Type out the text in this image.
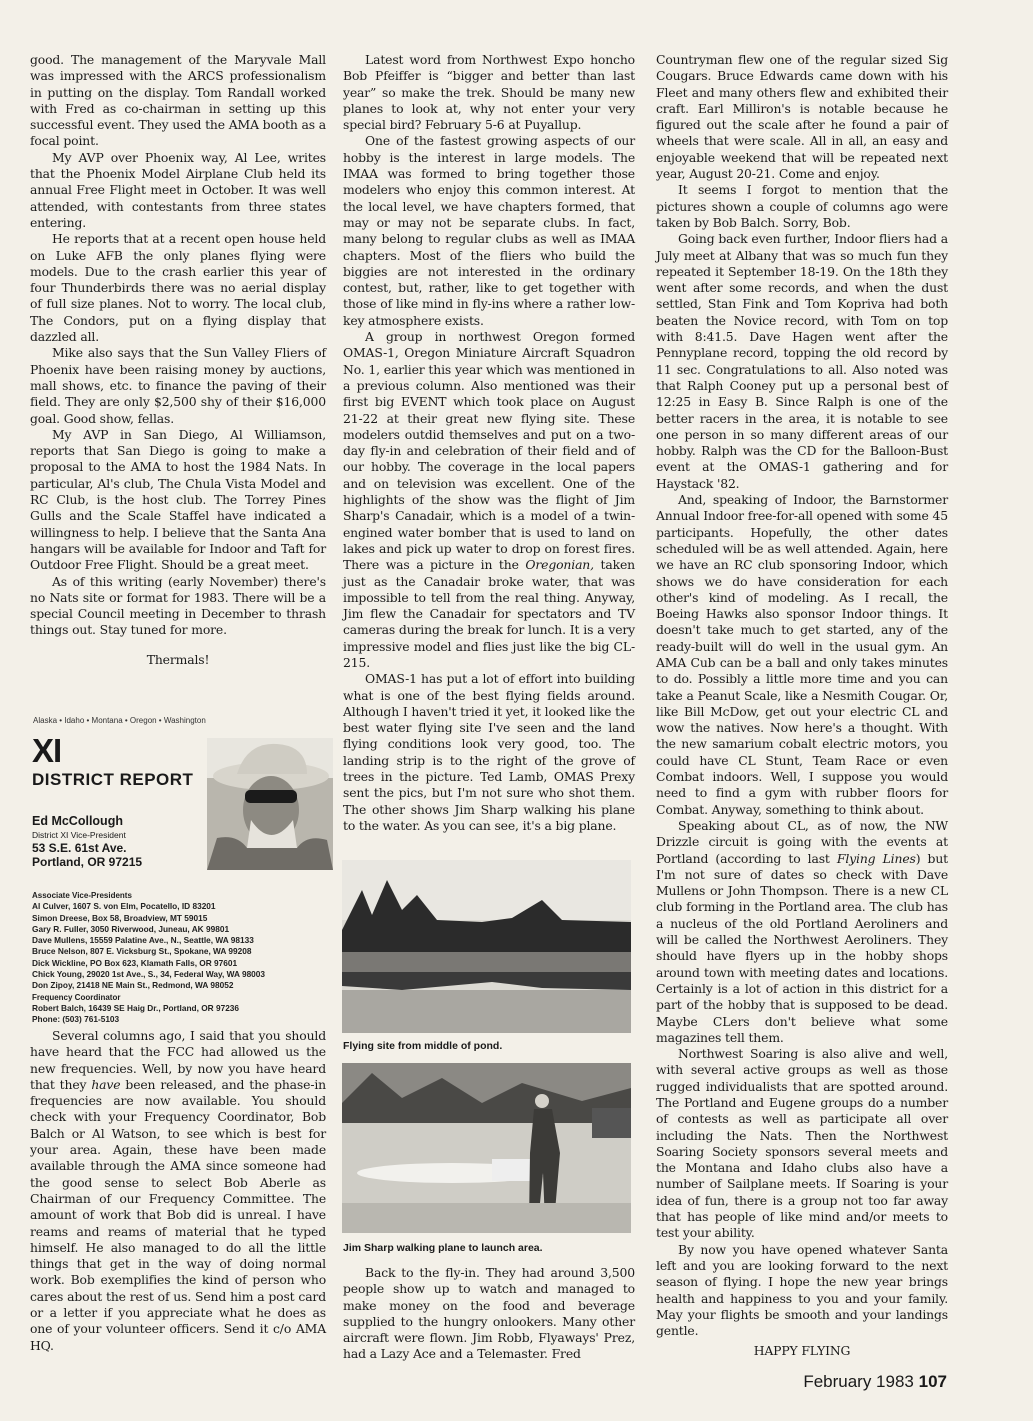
good. The management of the Maryvale Mall was impressed with the ARCS professionalism in putting on the display. Tom Randall worked with Fred as co-chairman in setting up this successful event. They used the AMA booth as a focal point.

My AVP over Phoenix way, Al Lee, writes that the Phoenix Model Airplane Club held its annual Free Flight meet in October. It was well attended, with contestants from three states entering.

He reports that at a recent open house held on Luke AFB the only planes flying were models. Due to the crash earlier this year of four Thunderbirds there was no aerial display of full size planes. Not to worry. The local club, The Condors, put on a flying display that dazzled all.

Mike also says that the Sun Valley Fliers of Phoenix have been raising money by auctions, mall shows, etc. to finance the paving of their field. They are only $2,500 shy of their $16,000 goal. Good show, fellas.

My AVP in San Diego, Al Williamson, reports that San Diego is going to make a proposal to the AMA to host the 1984 Nats. In particular, Al's club, The Chula Vista Model and RC Club, is the host club. The Torrey Pines Gulls and the Scale Staffel have indicated a willingness to help. I believe that the Santa Ana hangars will be available for Indoor and Taft for Outdoor Free Flight. Should be a great meet.

As of this writing (early November) there's no Nats site or format for 1983. There will be a special Council meeting in December to thrash things out. Stay tuned for more.

Thermals!

Alaska • Idaho • Montana • Oregon • Washington
XI
DISTRICT REPORT
Ed McCollough
District XI Vice-President
53 S.E. 61st Ave.
Portland, OR 97215
Associate Vice-Presidents
Al Culver, 1607 S. von Elm, Pocatello, ID 83201
Simon Dreese, Box 58, Broadview, MT 59015
Gary R. Fuller, 3050 Riverwood, Juneau, AK 99801
Dave Mullens, 15559 Palatine Ave., N., Seattle, WA 98133
Bruce Nelson, 807 E. Vicksburg St., Spokane, WA 99208
Dick Wickline, PO Box 623, Klamath Falls, OR 97601
Chick Young, 29020 1st Ave., S., 34, Federal Way, WA 98003
Don Zipoy, 21418 NE Main St., Redmond, WA 98052
Frequency Coordinator
Robert Balch, 16439 SE Haig Dr., Portland, OR 97236
Phone: (503) 761-5103

Several columns ago, I said that you should have heard that the FCC had allowed us the new frequencies. Well, by now you have heard that they have been released, and the phase-in frequencies are now available. You should check with your Frequency Coordinator, Bob Balch or Al Watson, to see which is best for your area. Again, these have been made available through the AMA since someone had the good sense to select Bob Aberle as Chairman of our Frequency Committee. The amount of work that Bob did is unreal. I have reams and reams of material that he typed himself. He also managed to do all the little things that get in the way of doing normal work. Bob exemplifies the kind of person who cares about the rest of us. Send him a post card or a letter if you appreciate what he does as one of your volunteer officers. Send it c/o AMA HQ.

Latest word from Northwest Expo honcho Bob Pfeiffer is “bigger and better than last year” so make the trek. Should be many new planes to look at, why not enter your very special bird? February 5-6 at Puyallup.

One of the fastest growing aspects of our hobby is the interest in large models. The IMAA was formed to bring together those modelers who enjoy this common interest. At the local level, we have chapters formed, that may or may not be separate clubs. In fact, many belong to regular clubs as well as IMAA chapters. Most of the fliers who build the biggies are not interested in the ordinary contest, but, rather, like to get together with those of like mind in fly-ins where a rather low-key atmosphere exists.

A group in northwest Oregon formed OMAS-1, Oregon Miniature Aircraft Squadron No. 1, earlier this year which was mentioned in a previous column. Also mentioned was their first big EVENT which took place on August 21-22 at their great new flying site. These modelers outdid themselves and put on a two-day fly-in and celebration of their field and of our hobby. The coverage in the local papers and on television was excellent. One of the highlights of the show was the flight of Jim Sharp's Canadair, which is a model of a twin-engined water bomber that is used to land on lakes and pick up water to drop on forest fires. There was a picture in the Oregonian, taken just as the Canadair broke water, that was impossible to tell from the real thing. Anyway, Jim flew the Canadair for spectators and TV cameras during the break for lunch. It is a very impressive model and flies just like the big CL-215.

OMAS-1 has put a lot of effort into building what is one of the best flying fields around. Although I haven't tried it yet, it looked like the best water flying site I've seen and the land flying conditions look very good, too. The landing strip is to the right of the grove of trees in the picture. Ted Lamb, OMAS Prexy sent the pics, but I'm not sure who shot them. The other shows Jim Sharp walking his plane to the water. As you can see, it's a big plane.

Flying site from middle of pond.
Jim Sharp walking plane to launch area.

Back to the fly-in. They had around 3,500 people show up to watch and managed to make money on the food and beverage supplied to the hungry onlookers. Many other aircraft were flown. Jim Robb, Flyaways' Prez, had a Lazy Ace and a Telemaster. Fred

Countryman flew one of the regular sized Sig Cougars. Bruce Edwards came down with his Fleet and many others flew and exhibited their craft. Earl Milliron's is notable because he figured out the scale after he found a pair of wheels that were scale. All in all, an easy and enjoyable weekend that will be repeated next year, August 20-21. Come and enjoy.

It seems I forgot to mention that the pictures shown a couple of columns ago were taken by Bob Balch. Sorry, Bob.

Going back even further, Indoor fliers had a July meet at Albany that was so much fun they repeated it September 18-19. On the 18th they went after some records, and when the dust settled, Stan Fink and Tom Kopriva had both beaten the Novice record, with Tom on top with 8:41.5. Dave Hagen went after the Pennyplane record, topping the old record by 11 sec. Congratulations to all. Also noted was that Ralph Cooney put up a personal best of 12:25 in Easy B. Since Ralph is one of the better racers in the area, it is notable to see one person in so many different areas of our hobby. Ralph was the CD for the Balloon-Bust event at the OMAS-1 gathering and for Haystack '82.

And, speaking of Indoor, the Barnstormer Annual Indoor free-for-all opened with some 45 participants. Hopefully, the other dates scheduled will be as well attended. Again, here we have an RC club sponsoring Indoor, which shows we do have consideration for each other's kind of modeling. As I recall, the Boeing Hawks also sponsor Indoor things. It doesn't take much to get started, any of the ready-built will do well in the usual gym. An AMA Cub can be a ball and only takes minutes to do. Possibly a little more time and you can take a Peanut Scale, like a Nesmith Cougar. Or, like Bill McDow, get out your electric CL and wow the natives. Now here's a thought. With the new samarium cobalt electric motors, you could have CL Stunt, Team Race or even Combat indoors. Well, I suppose you would need to find a gym with rubber floors for Combat. Anyway, something to think about.

Speaking about CL, as of now, the NW Drizzle circuit is going with the events at Portland (according to last Flying Lines) but I'm not sure of dates so check with Dave Mullens or John Thompson. There is a new CL club forming in the Portland area. The club has a nucleus of the old Portland Aeroliners and will be called the Northwest Aeroliners. They should have flyers up in the hobby shops around town with meeting dates and locations. Certainly is a lot of action in this district for a part of the hobby that is supposed to be dead. Maybe CLers don't believe what some magazines tell them.

Northwest Soaring is also alive and well, with several active groups as well as those rugged individualists that are spotted around. The Portland and Eugene groups do a number of contests as well as participate all over including the Nats. Then the Northwest Soaring Society sponsors several meets and the Montana and Idaho clubs also have a number of Sailplane meets. If Soaring is your idea of fun, there is a group not too far away that has people of like mind and/or meets to test your ability.

By now you have opened whatever Santa left and you are looking forward to the next season of flying. I hope the new year brings health and happiness to you and your family. May your flights be smooth and your landings gentle.

HAPPY FLYING

February 1983 107
